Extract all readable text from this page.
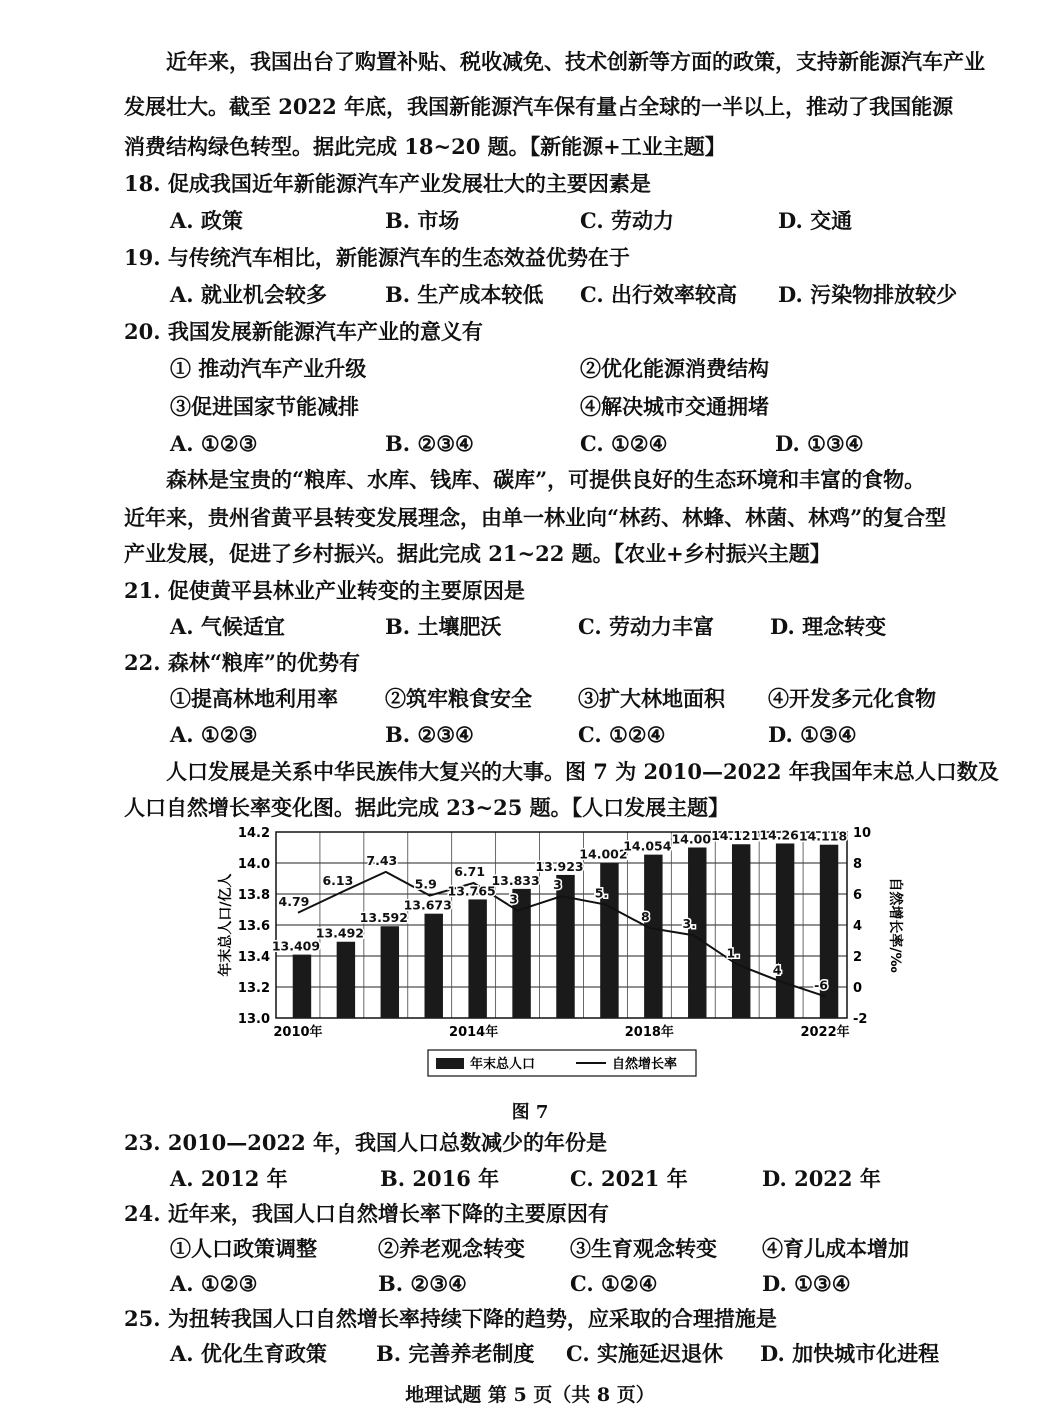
近年来，我国出台了购置补贴、税收减免、技术创新等方面的政策，支持新能源汽车产业
发展壮大。截至 2022 年底，我国新能源汽车保有量占全球的一半以上，推动了我国能源
消费结构绿色转型。据此完成 18~20 题。【新能源+工业主题】
18. 促成我国近年新能源汽车产业发展壮大的主要因素是
A. 政策	B. 市场	C. 劳动力	D. 交通
19. 与传统汽车相比，新能源汽车的生态效益优势在于
A. 就业机会较多	B. 生产成本较低 C. 出行效率较高 D. 污染物排放较少
20. 我国发展新能源汽车产业的意义有
① 推动汽车产业升级	②优化能源消费结构
③促进国家节能减排	④解决城市交通拥堵
A. ①②③	B. ②③④	C. ①②④	D. ①③④
森林是宝贵的“粮库、水库、钱库、碳库”，可提供良好的生态环境和丰富的食物。
近年来，贵州省黄平县转变发展理念，由单一林业向“林药、林蜂、林菌、林鸡”的复合型
产业发展，促进了乡村振兴。据此完成 21~22 题。【农业+乡村振兴主题】
21. 促使黄平县林业产业转变的主要原因是
A. 气候适宜	B. 土壤肥沃	C. 劳动力丰富	D. 理念转变
22. 森林“粮库”的优势有
①提高林地利用率 ②筑牢粮食安全 ③扩大林地面积 ④开发多元化食物
A. ①②③	B. ②③④	C. ①②④	D. ①③④
人口发展是关系中华民族伟大复兴的大事。图 7 为 2010—2022 年我国年末总人口数及
人口自然增长率变化图。据此完成 23~25 题。【人口发展主题】
13.0
13.2
13.4
13.6
13.8
14.0
14.2
-2
0
2
4
6
8
10
年末总人口/亿人	自然增长率/‰
13.409
13.492
13.592
13.673
13.765
13.833
13.923
14.002
14.054 14.00 14.121 14.26 14.118
4.79
6.13
7.43
5.9
6.71
3
3
5.
8	3.
1.
4
-6
2010年	2014年	2018年	2022年
年末总人口	自然增长率
图 7
23. 2010—2022 年，我国人口总数减少的年份是
A. 2012 年	B. 2016 年	C. 2021 年	D. 2022 年
24. 近年来，我国人口自然增长率下降的主要原因有
①人口政策调整	②养老观念转变 ③生育观念转变 ④育儿成本增加
A. ①②③	B. ②③④	C. ①②④	D. ①③④
25. 为扭转我国人口自然增长率持续下降的趋势，应采取的合理措施是
A. 优化生育政策 B. 完善养老制度 C. 实施延迟退休 D. 加快城市化进程
地理试题 第 5 页（共 8 页）
